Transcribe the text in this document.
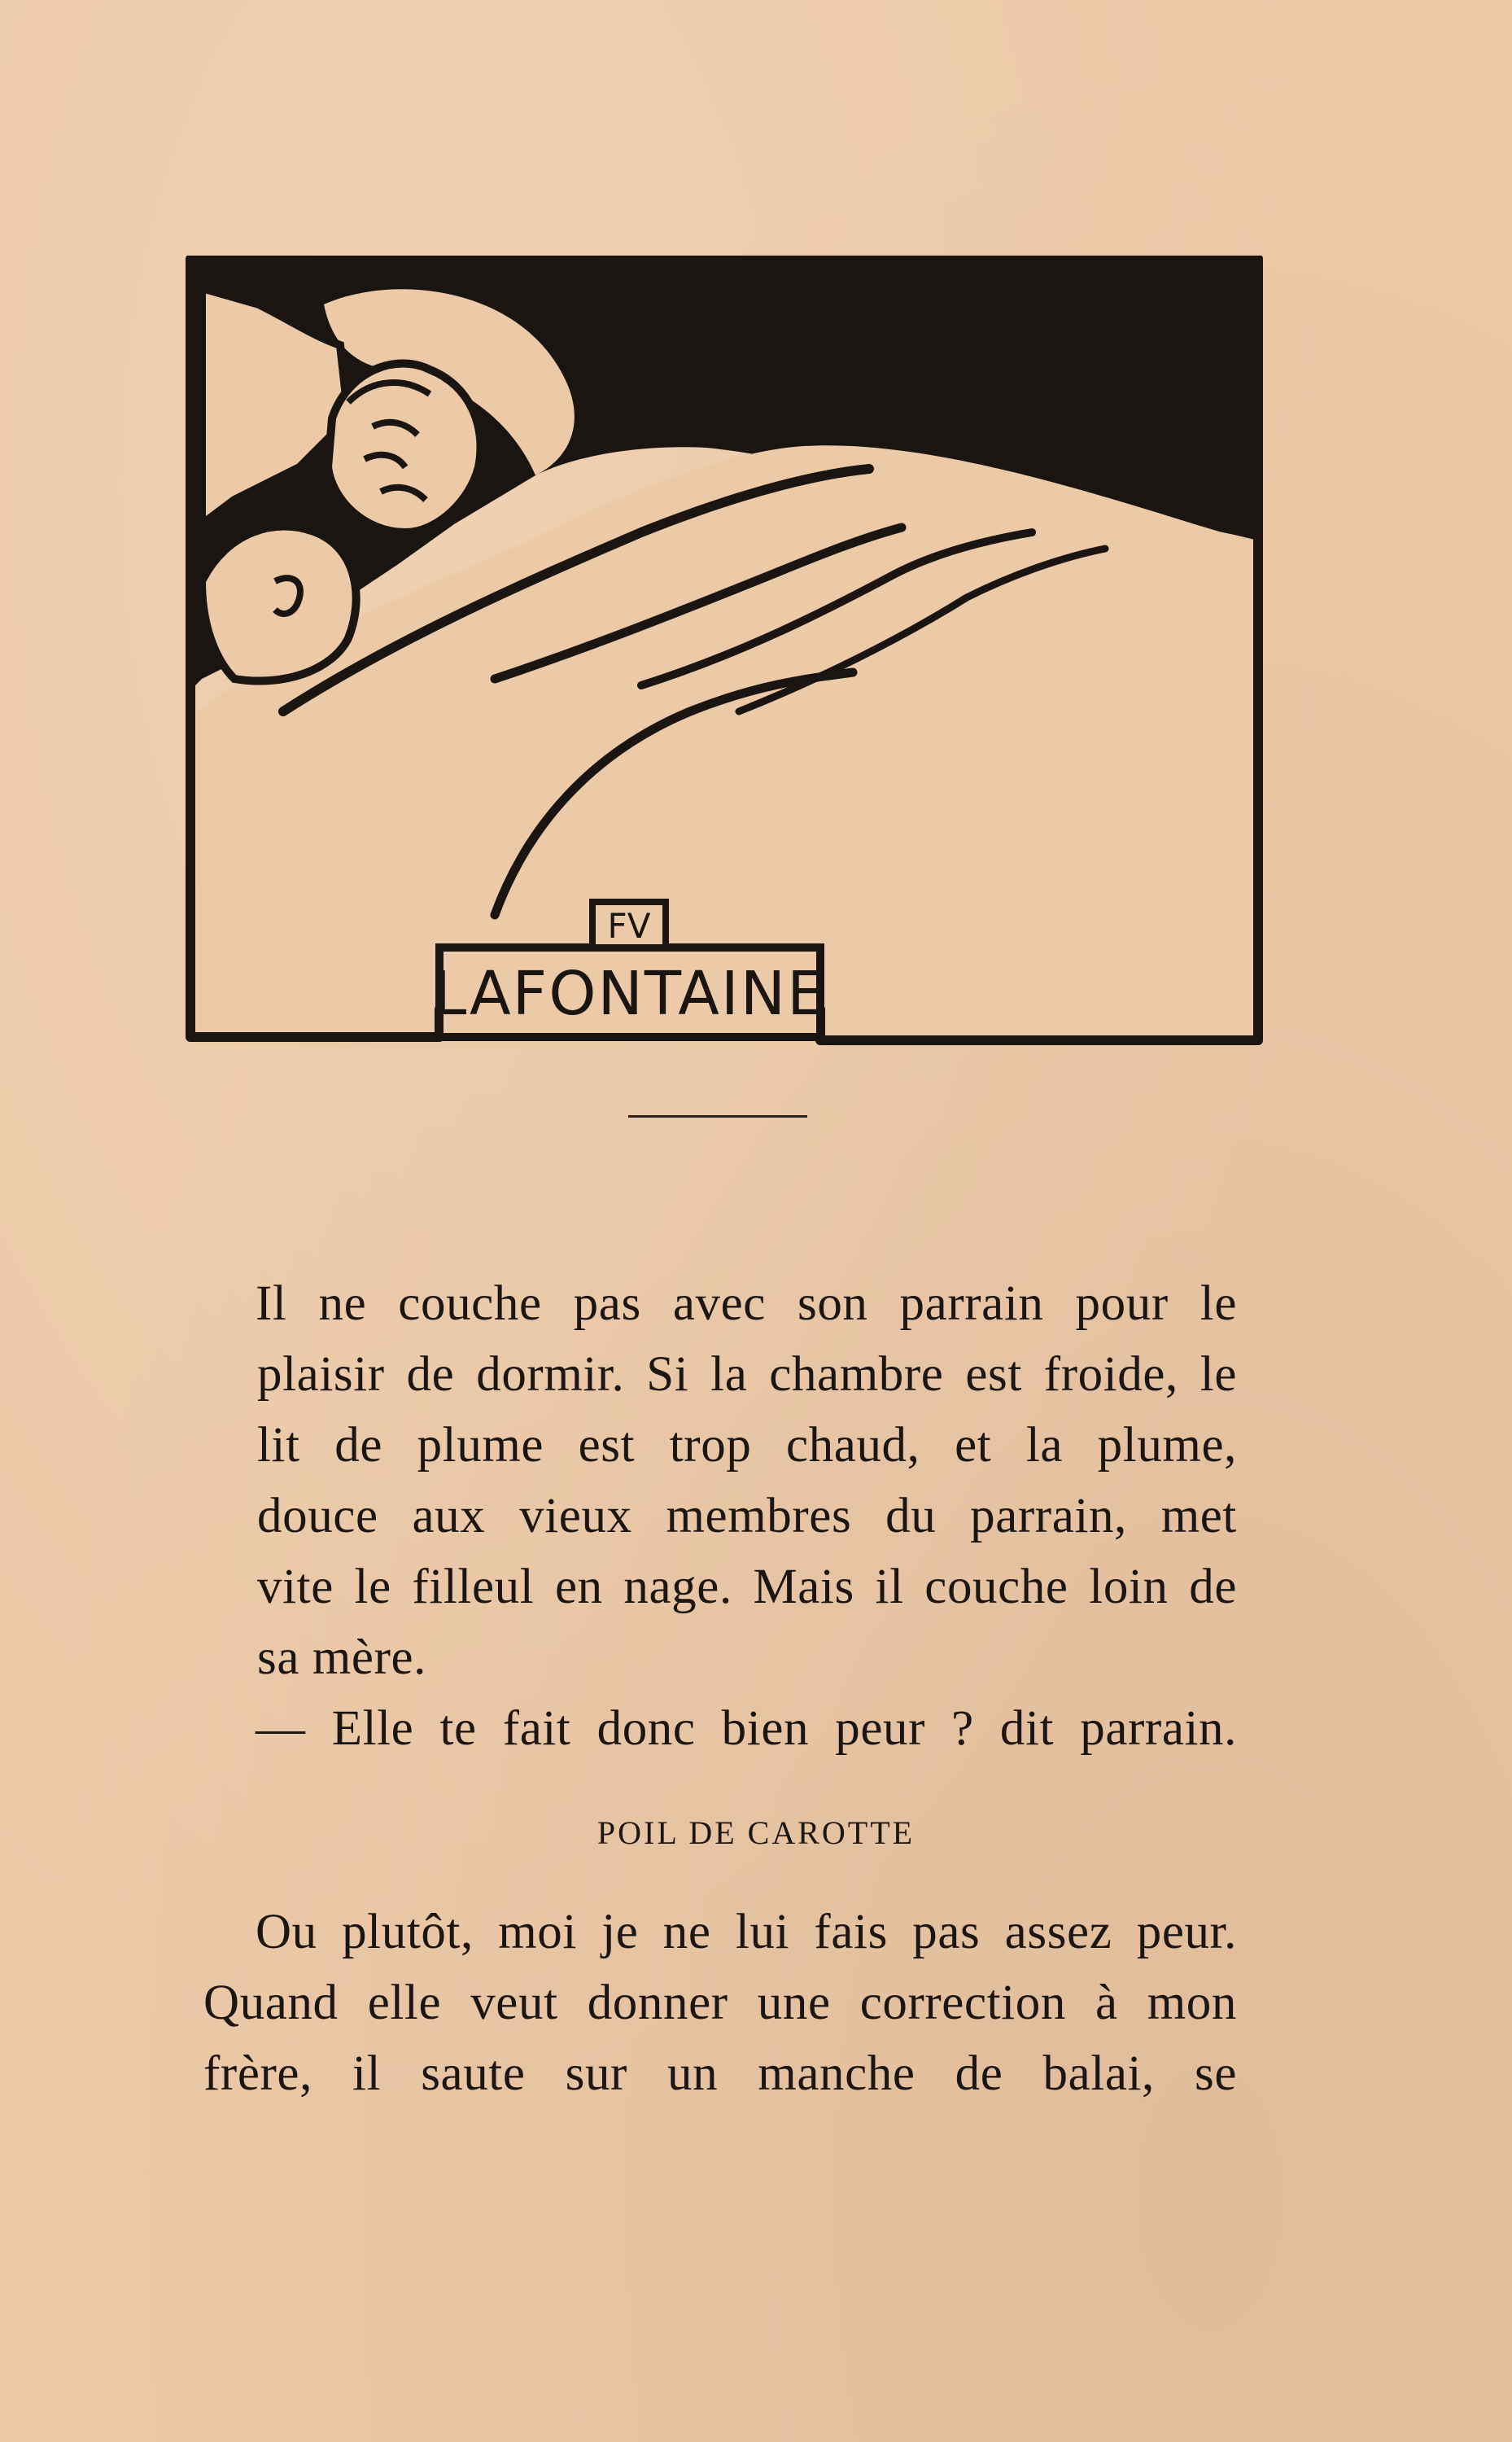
LAFONTAINE
FV
Il ne couche pas avec son parrain pour le
plaisir de dormir. Si la chambre est froide, le
lit de plume est trop chaud, et la plume,
douce aux vieux membres du parrain, met
vite le filleul en nage. Mais il couche loin de
sa mère.
— Elle te fait donc bien peur ? dit parrain.
POIL DE CAROTTE
Ou plutôt, moi je ne lui fais pas assez peur.
Quand elle veut donner une correction à mon
frère, il saute sur un manche de balai, se
